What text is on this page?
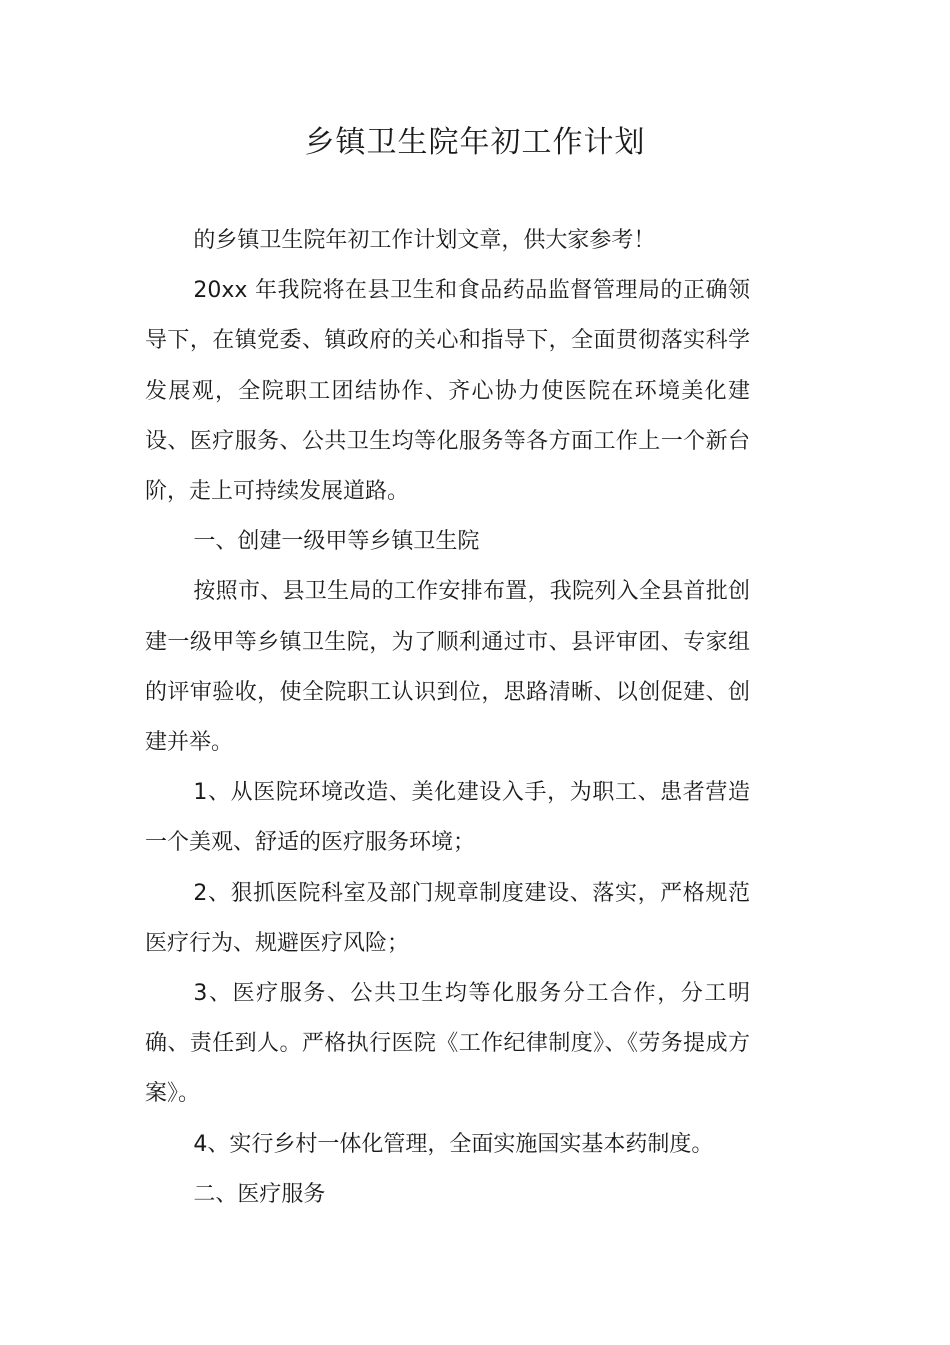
乡镇卫生院年初工作计划

的乡镇卫生院年初工作计划文章，供大家参考！

20xx 年我院将在县卫生和食品药品监督管理局的正确领导下，在镇党委、镇政府的关心和指导下，全面贯彻落实科学发展观，全院职工团结协作、齐心协力使医院在环境美化建设、医疗服务、公共卫生均等化服务等各方面工作上一个新台阶，走上可持续发展道路。

一、创建一级甲等乡镇卫生院

按照市、县卫生局的工作安排布置，我院列入全县首批创建一级甲等乡镇卫生院，为了顺利通过市、县评审团、专家组的评审验收，使全院职工认识到位，思路清晰、以创促建、创建并举。

1、从医院环境改造、美化建设入手，为职工、患者营造一个美观、舒适的医疗服务环境；

2、狠抓医院科室及部门规章制度建设、落实，严格规范医疗行为、规避医疗风险；

3、医疗服务、公共卫生均等化服务分工合作，分工明确、责任到人。严格执行医院《工作纪律制度》、《劳务提成方案》。

4、实行乡村一体化管理，全面实施国实基本药制度。

二、医疗服务
